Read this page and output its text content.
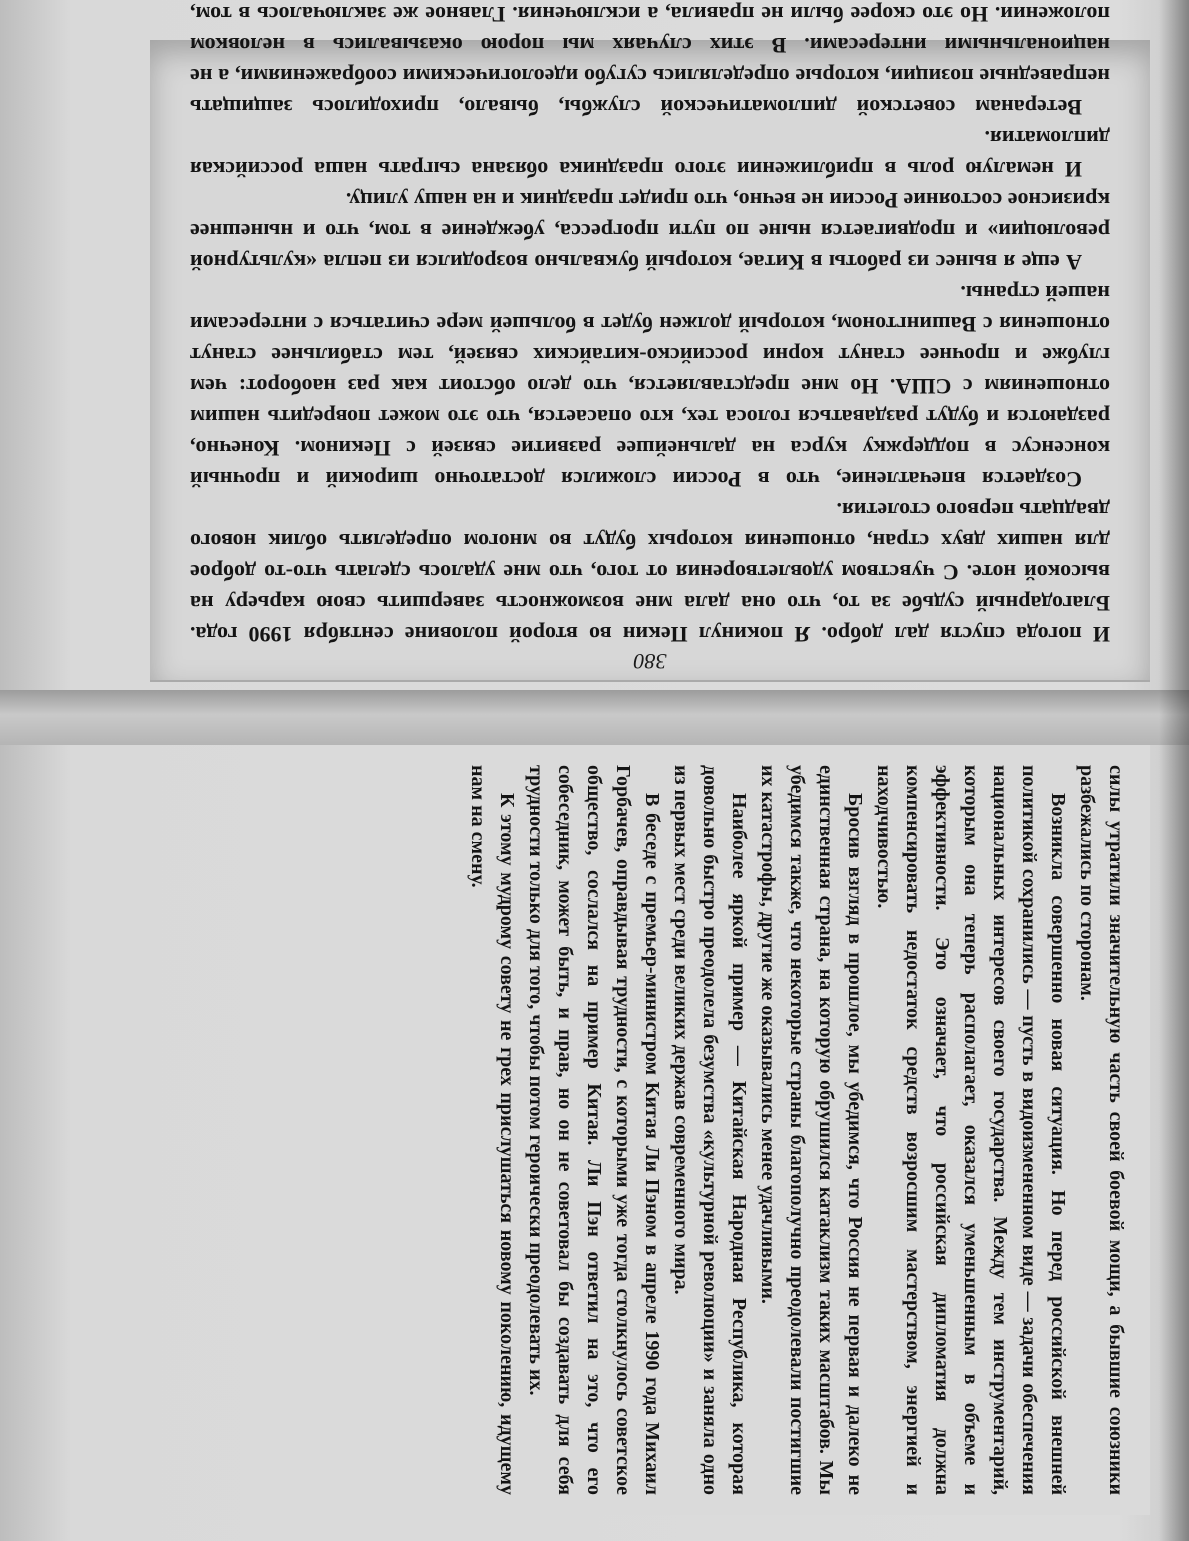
И погода спустя дал добро. Я покинул Пекин во второй половине сентября 1990 года. Благодарный судьбе за то, что она дала мне возможность завершить свою карьеру на высокой ноте. С чувством удовлетворения от того, что мне удалось сделать что-то доброе для наших двух стран, отношения которых будут во многом определять облик нового двадцать первого столетия.

Создается впечатление, что в России сложился достаточно широкий и прочный консенсус в поддержку курса на дальнейшее развитие связей с Пекином. Конечно, раздаются и будут раздаваться голоса тех, кто опасается, что это может повредить нашим отношениям с США. Но мне представляется, что дело обстоит как раз наоборот: чем глубже и прочнее станут корни российско-китайских связей, тем стабильнее станут отношения с Вашингтоном, который должен будет в большей мере считаться с интересами нашей страны.

А еще я вынес из работы в Китае, который буквально возродился из пепла «культурной революции» и продвигается ныне по пути прогресса, убеждение в том, что и нынешнее кризисное состояние России не вечно, что придет праздник и на нашу улицу.

И немалую роль в приближении этого праздника обязана сыграть наша российская дипломатия.

Ветеранам советской дипломатической службы, бывало, приходилось защищать неправедные позиции, которые определялись сугубо идеологическими соображениями, а не национальными интересами. В этих случаях мы порою оказывались в неловком положении. Но это скорее были не правила, а исключения. Главное же заключалось в том,

380

силы утратили значительную часть своей боевой мощи, а бывшие союзники разбежались по сторонам.

Возникла совершенно новая ситуация. Но перед российской внешней политикой сохранились — пусть в видоизмененном виде — задачи обеспечения национальных интересов своего государства. Между тем инструментарий, которым она теперь располагает, оказался уменьшенным в объеме и эффективности. Это означает, что российская дипломатия должна компенсировать недостаток средств возросшим мастерством, энергией и находчивостью.

Бросив взгляд в прошлое, мы убедимся, что Россия не первая и далеко не единственная страна, на которую обрушился катаклизм таких масштабов. Мы убедимся также, что некоторые страны благополучно преодолевали постигшие их катастрофы, другие же оказывались менее удачливыми.

Наиболее яркой пример — Китайская Народная Республика, которая довольно быстро преодолела безумства «культурной революции» и заняла одно из первых мест среди великих держав современного мира.

В беседе с премьер-министром Китая Ли Пэном в апреле 1990 года Михаил Горбачев, оправдывая трудности, с которыми уже тогда столкнулось советское общество, сослался на пример Китая. Ли Пэн ответил на это, что его собеседник, может быть, и прав, но он не советовал бы создавать для себя трудности только для того, чтобы потом героически преодолевать их.

К этому мудрому совету не грех прислушаться новому поколению, идущему нам на смену.
